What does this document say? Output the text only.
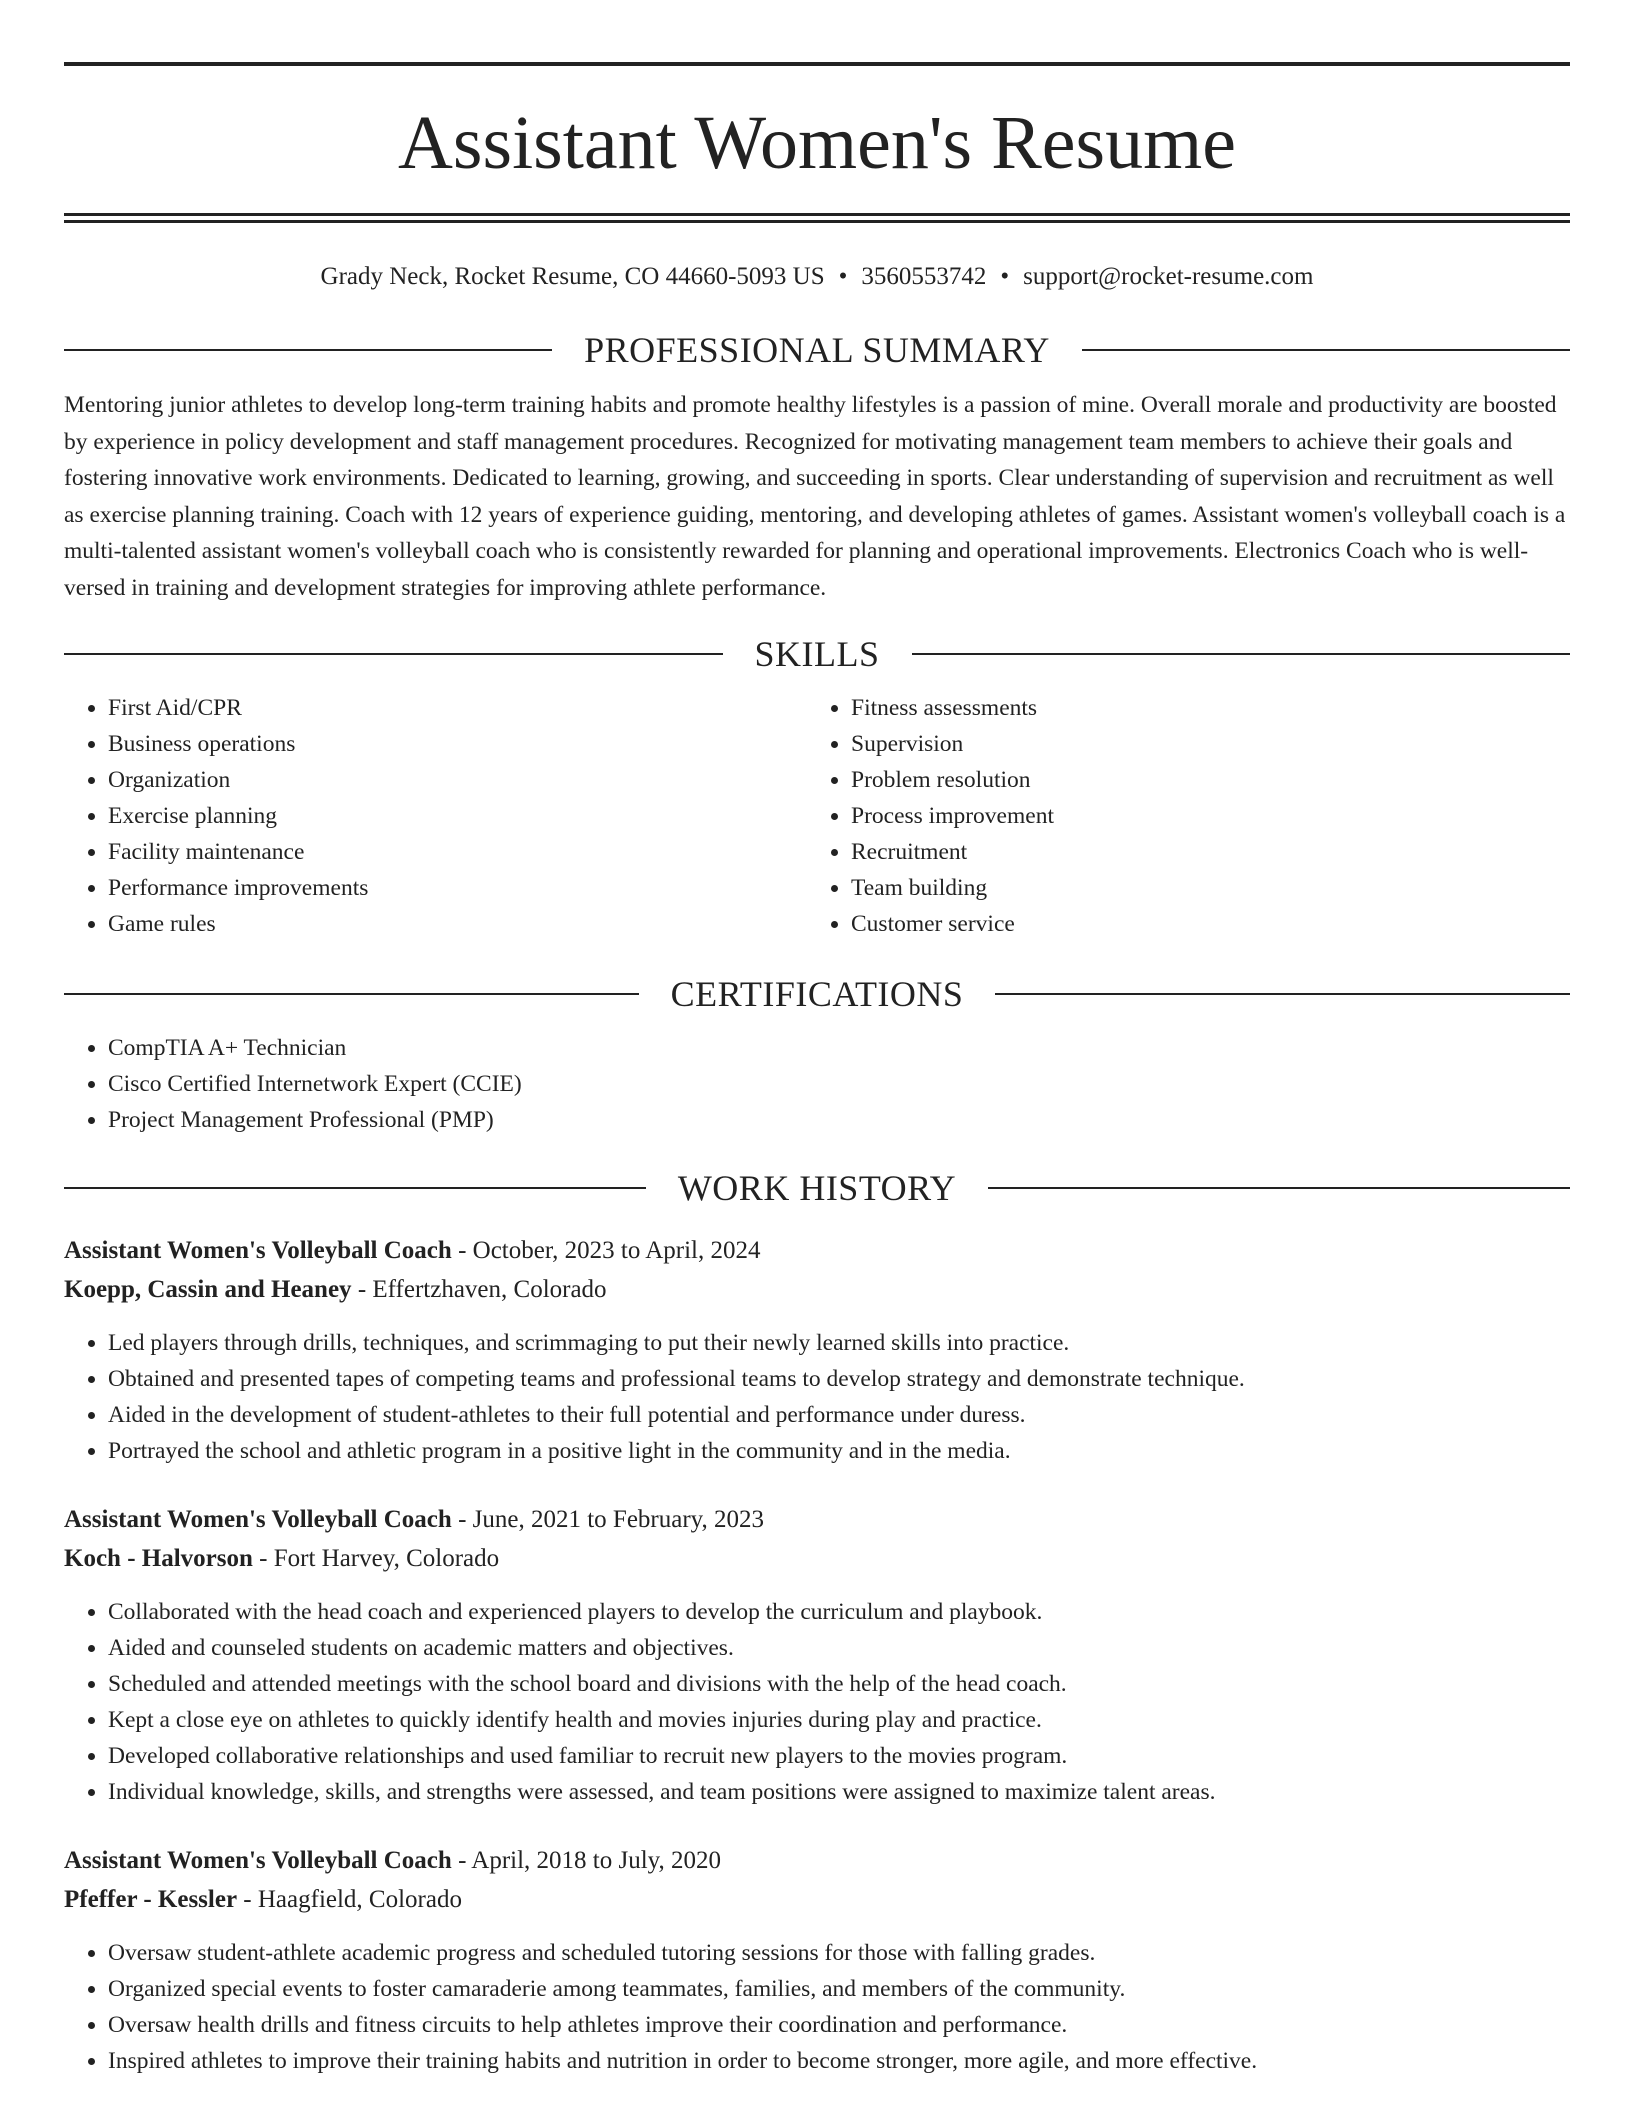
Assistant Women's Resume
Grady Neck, Rocket Resume, CO 44660-5093 US • 3560553742 • support@rocket-resume.com
PROFESSIONAL SUMMARY
Mentoring junior athletes to develop long-term training habits and promote healthy lifestyles is a passion of mine. Overall morale and productivity are boosted by experience in policy development and staff management procedures. Recognized for motivating management team members to achieve their goals and fostering innovative work environments. Dedicated to learning, growing, and succeeding in sports. Clear understanding of supervision and recruitment as well as exercise planning training. Coach with 12 years of experience guiding, mentoring, and developing athletes of games. Assistant women's volleyball coach is a multi-talented assistant women's volleyball coach who is consistently rewarded for planning and operational improvements. Electronics Coach who is well-versed in training and development strategies for improving athlete performance.
SKILLS
• First Aid/CPR
• Business operations
• Organization
• Exercise planning
• Facility maintenance
• Performance improvements
• Game rules
• Fitness assessments
• Supervision
• Problem resolution
• Process improvement
• Recruitment
• Team building
• Customer service
CERTIFICATIONS
• CompTIA A+ Technician
• Cisco Certified Internetwork Expert (CCIE)
• Project Management Professional (PMP)
WORK HISTORY
Assistant Women's Volleyball Coach - October, 2023 to April, 2024
Koepp, Cassin and Heaney - Effertzhaven, Colorado
• Led players through drills, techniques, and scrimmaging to put their newly learned skills into practice.
• Obtained and presented tapes of competing teams and professional teams to develop strategy and demonstrate technique.
• Aided in the development of student-athletes to their full potential and performance under duress.
• Portrayed the school and athletic program in a positive light in the community and in the media.
Assistant Women's Volleyball Coach - June, 2021 to February, 2023
Koch - Halvorson - Fort Harvey, Colorado
• Collaborated with the head coach and experienced players to develop the curriculum and playbook.
• Aided and counseled students on academic matters and objectives.
• Scheduled and attended meetings with the school board and divisions with the help of the head coach.
• Kept a close eye on athletes to quickly identify health and movies injuries during play and practice.
• Developed collaborative relationships and used familiar to recruit new players to the movies program.
• Individual knowledge, skills, and strengths were assessed, and team positions were assigned to maximize talent areas.
Assistant Women's Volleyball Coach - April, 2018 to July, 2020
Pfeffer - Kessler - Haagfield, Colorado
• Oversaw student-athlete academic progress and scheduled tutoring sessions for those with falling grades.
• Organized special events to foster camaraderie among teammates, families, and members of the community.
• Oversaw health drills and fitness circuits to help athletes improve their coordination and performance.
• Inspired athletes to improve their training habits and nutrition in order to become stronger, more agile, and more effective.
